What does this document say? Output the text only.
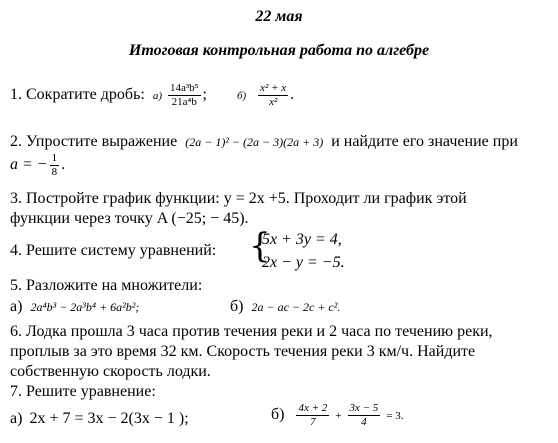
22 мая
Итоговая контрольная работа по алгебре
1. Сократите дробь: $а) \frac{\text{14a³b⁵}}{\text{21a⁴b}}$ ;	$б) \frac{\text{x² + x}}{\text{x²}}$ .
2. Упростите выражение (2a − 1)² − (2a − 3)(2a + 3) и найдите его значение при
a = − $\frac{1}{8}$ .
3. Постройте график функции: y = 2x +5. Проходит ли график этой
функции через точку A (−25; − 45).
4. Решите систему уравнений: {
5x + 3y = 4,
2x − y = −5.
5. Разложите на множители:
а) 2a⁴b³ − 2a³b⁴ + 6a²b²;	б) 2a − ac − 2c + c².
6. Лодка прошла 3 часа против течения реки и 2 часа по течению реки,
проплыв за это время 32 км. Скорость течения реки 3 км/ч. Найдите
собственную скорость лодки.
7. Решите уравнение:
а) 2x + 7 = 3x − 2(3x − 1 );	$б) \frac{4x + 2}{7} + \frac{3x - 5}{4} = 3$.
